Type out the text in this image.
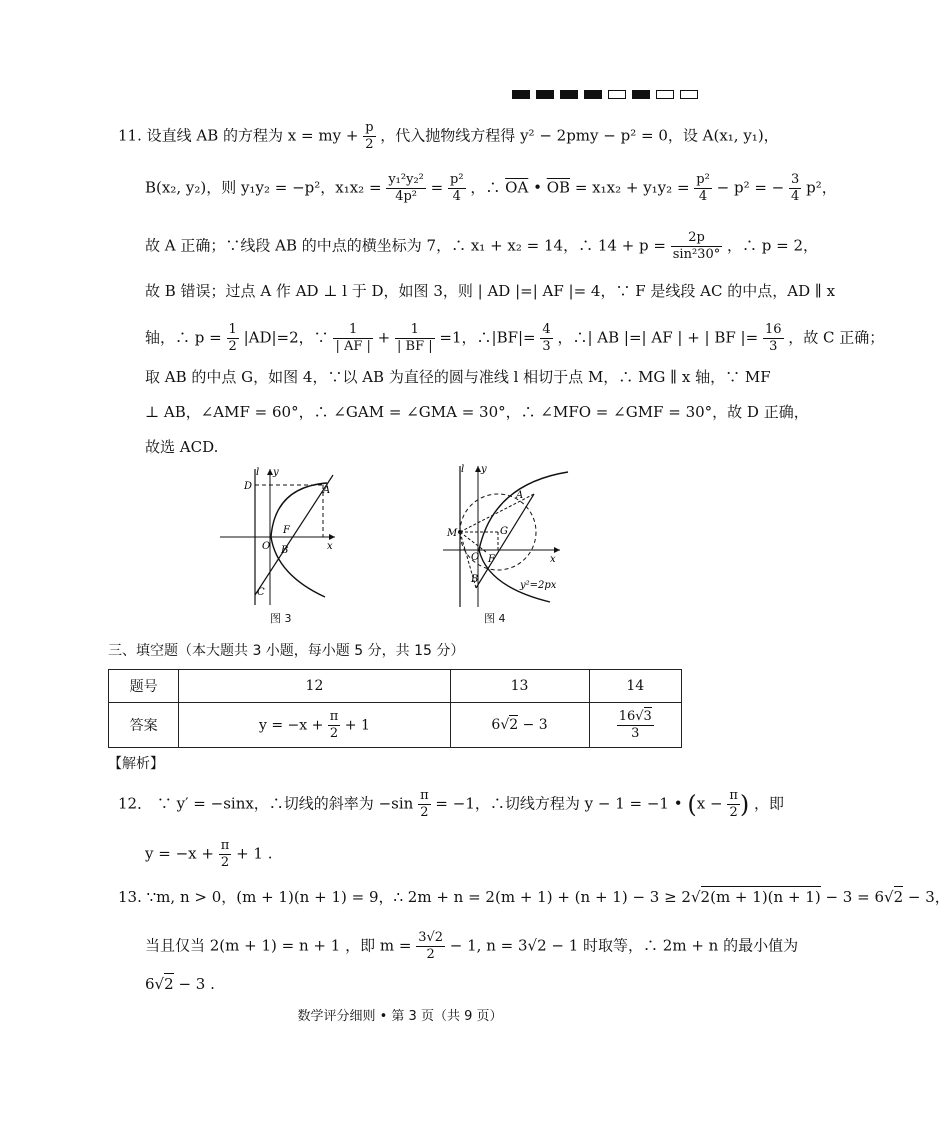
11. 设直线 AB 的方程为 x = my + $\frac{p}{2}$ ，代入抛物线方程得 y² − 2pmy − p² = 0，设 A(x₁, y₁)，
B(x₂, y₂)，则 y₁y₂ = −p²，$x_1x_2 = \frac{\text{y₁²y₂²}}{\text{4p²}} = \frac{\text{p²}}{4}$ ，∴ $\overline{OA}$ • $\overline{OB} = x_1x_2 + y_1y_2 = \frac{\text{p²}}{4} - p^2$ = − $\frac{3}{4} p^2$，
故 A 正确；∵线段 AB 的中点的横坐标为 7，∴ x₁ + x₂ = 14，∴ $14 + p = \frac{2p}{\text{sin²30°}}$ ，∴ p = 2，
故 B 错误；过点 A 作 AD ⊥ l 于 D，如图 3，则 | AD |=| AF |= 4，∵ F 是线段 AC 的中点，AD ∥ x
轴，∴ $p = \frac{1}{2} |AD|=2$，∵ $\frac{1}{| AF |} + \frac{1}{| BF |} =1$，∴|BF|= $\frac{4}{3}$ ，∴| AB |=| AF | + | BF |= $\frac{16}{3}$ ，故 C 正确；
取 AB 的中点 G，如图 4，∵以 AB 为直径的圆与准线 l 相切于点 M，∴ MG ∥ x 轴，∵ MF
⊥ AB，∠AMF = 60°，∴ ∠GAM = ∠GMA = 30°，∴ ∠MFO = ∠GMF = 30°，故 D 正确，
故选 ACD.
l y
x
D	A
F
O B
C
图 3
l y
x
A
M	G
O F
B
y²=2px
图 4
三、填空题（本大题共 3 小题，每小题 5 分，共 15 分）
题号	12	13	14
答案	$y = -x + \frac{\pi}{2} + 1$	6√2 − 3	$\frac{16√3}{3}$
【解析】
12． ∵ y′ = −sinx，∴切线的斜率为 $-\sin \frac{\pi}{2} = -1$，∴切线方程为 y − 1 = −1 • ($x - \frac{\pi}{2}$ ) ，即
$y = -x + \frac{\pi}{2} + 1$ .
13. ∵m, n > 0，(m + 1)(n + 1) = 9，∴ 2m + n = 2(m + 1) + (n + 1) − 3 ≥ 2√2(m + 1)(n + 1) − 3 = 6√2 − 3，
当且仅当 2(m + 1) = n + 1 ，即 $m = \frac{3√2}{2} - 1$, n = 3√2 − 1 时取等，∴ 2m + n 的最小值为
6√2 − 3 .
数学评分细则 • 第 3 页（共 9 页）
